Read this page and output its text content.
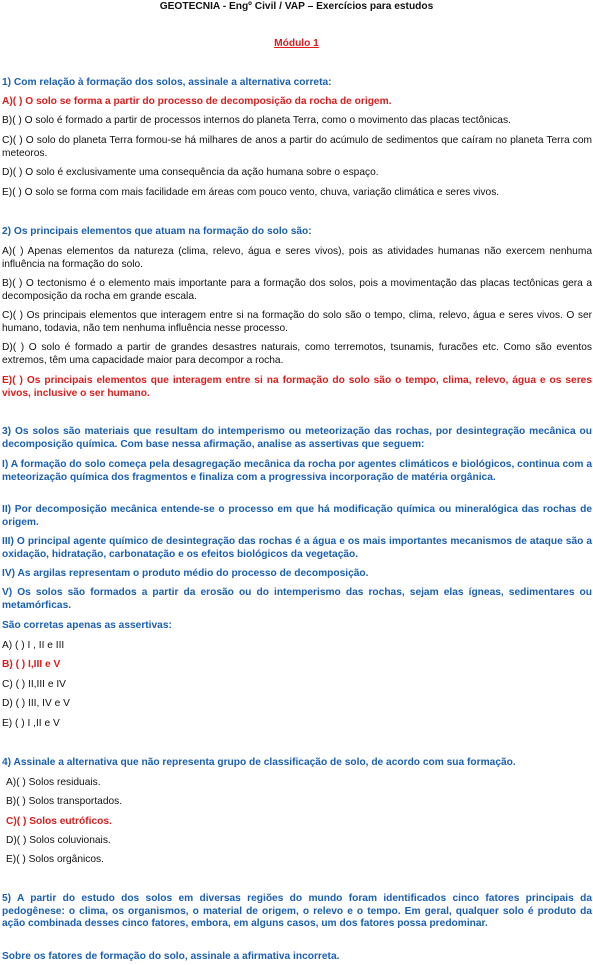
GEOTECNIA - Engº Civil / VAP – Exercícios para estudos

Módulo 1

1) Com relação à formação dos solos, assinale a alternativa correta:

A)( ) O solo se forma a partir do processo de decomposição da rocha de origem.

B)( ) O solo é formado a partir de processos internos do planeta Terra, como o movimento das placas tectônicas.

C)( ) O solo do planeta Terra formou-se há milhares de anos a partir do acúmulo de sedimentos que caíram no planeta Terra com meteoros.

D)( ) O solo é exclusivamente uma consequência da ação humana sobre o espaço.

E)( ) O solo se forma com mais facilidade em áreas com pouco vento, chuva, variação climática e seres vivos.

2) Os principais elementos que atuam na formação do solo são:

A)( ) Apenas elementos da natureza (clima, relevo, água e seres vivos), pois as atividades humanas não exercem nenhuma influência na formação do solo.

B)( ) O tectonismo é o elemento mais importante para a formação dos solos, pois a movimentação das placas tectônicas gera a decomposição da rocha em grande escala.

C)( ) Os principais elementos que interagem entre si na formação do solo são o tempo, clima, relevo, água e seres vivos. O ser humano, todavia, não tem nenhuma influência nesse processo.

D)( ) O solo é formado a partir de grandes desastres naturais, como terremotos, tsunamis, furacões etc. Como são eventos extremos, têm uma capacidade maior para decompor a rocha.

E)( ) Os principais elementos que interagem entre si na formação do solo são o tempo, clima, relevo, água e os seres vivos, inclusive o ser humano.

3) Os solos são materiais que resultam do intemperismo ou meteorização das rochas, por desintegração mecânica ou decomposição química. Com base nessa afirmação, analise as assertivas que seguem:

I) A formação do solo começa pela desagregação mecânica da rocha por agentes climáticos e biológicos, continua com a meteorização química dos fragmentos e finaliza com a progressiva incorporação de matéria orgânica.

II) Por decomposição mecânica entende-se o processo em que há modificação química ou mineralógica das rochas de origem.

III) O principal agente químico de desintegração das rochas é a água e os mais importantes mecanismos de ataque são a oxidação, hidratação, carbonatação e os efeitos biológicos da vegetação.

IV) As argilas representam o produto médio do processo de decomposição.

V) Os solos são formados a partir da erosão ou do intemperismo das rochas, sejam elas ígneas, sedimentares ou metamórficas.

São corretas apenas as assertivas:

A) ( ) I , II e III

B) ( ) I,III e V

C) ( ) II,III e IV

D) ( ) III, IV e V

E) ( ) I ,II e V

4) Assinale a alternativa que não representa grupo de classificação de solo, de acordo com sua formação.

A)( ) Solos residuais.

B)( ) Solos transportados.

C)( ) Solos eutróficos.

D)( ) Solos coluvionais.

E)( ) Solos orgânicos.

5) A partir do estudo dos solos em diversas regiões do mundo foram identificados cinco fatores principais da pedogênese: o clima, os organismos, o material de origem, o relevo e o tempo. Em geral, qualquer solo é produto da ação combinada desses cinco fatores, embora, em alguns casos, um dos fatores possa predominar.

Sobre os fatores de formação do solo, assinale a afirmativa incorreta.
